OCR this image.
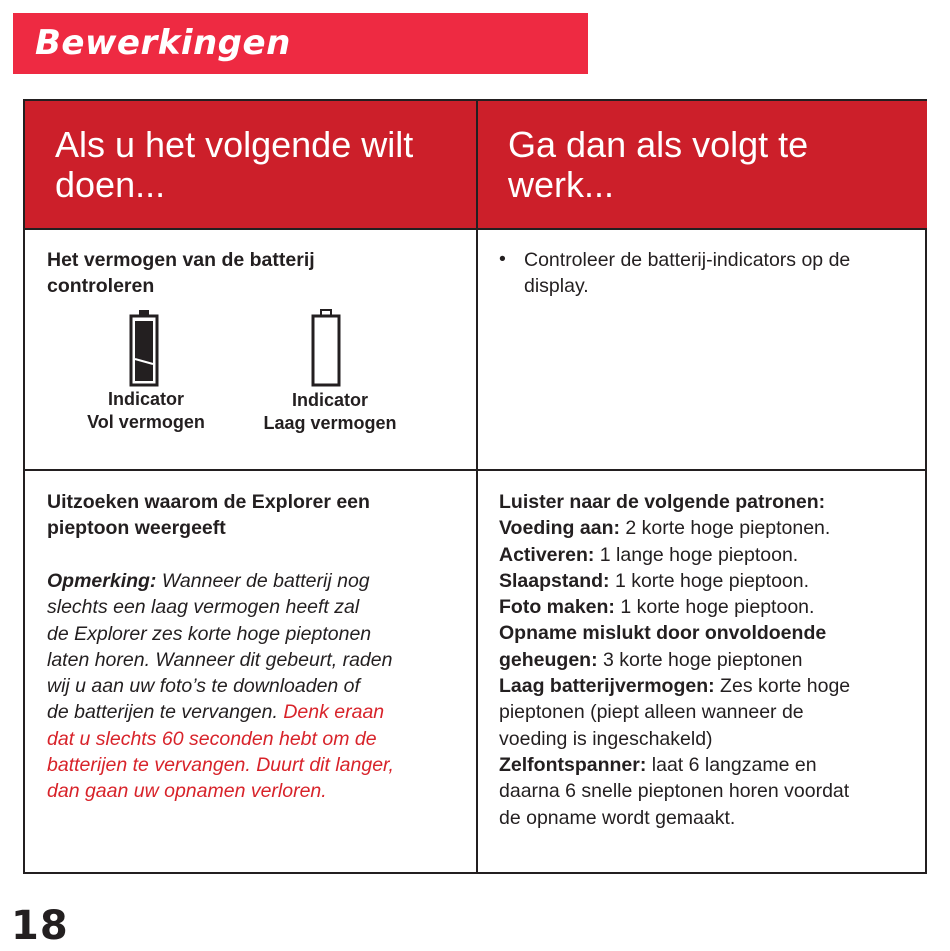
Bewerkingen
Als u het volgende wilt
doen...
Ga dan als volgt te
werk...
Het vermogen van de batterij
controleren
Indicator
Vol vermogen
Indicator
Laag vermogen
• Controleer de batterij-indicators op de
display.
Uitzoeken waarom de Explorer een
pieptoon weergeeft
Opmerking: Wanneer de batterij nog
slechts een laag vermogen heeft zal
de Explorer zes korte hoge pieptonen
laten horen. Wanneer dit gebeurt, raden
wij u aan uw foto’s te downloaden of
de batterijen te vervangen. Denk eraan
dat u slechts 60 seconden hebt om de
batterijen te vervangen. Duurt dit langer,
dan gaan uw opnamen verloren.
Luister naar de volgende patronen:
Voeding aan: 2 korte hoge pieptonen.
Activeren: 1 lange hoge pieptoon.
Slaapstand: 1 korte hoge pieptoon.
Foto maken: 1 korte hoge pieptoon.
Opname mislukt door onvoldoende
geheugen: 3 korte hoge pieptonen
Laag batterijvermogen: Zes korte hoge
pieptonen (piept alleen wanneer de
voeding is ingeschakeld)
Zelfontspanner: laat 6 langzame en
daarna 6 snelle pieptonen horen voordat
de opname wordt gemaakt.
18
